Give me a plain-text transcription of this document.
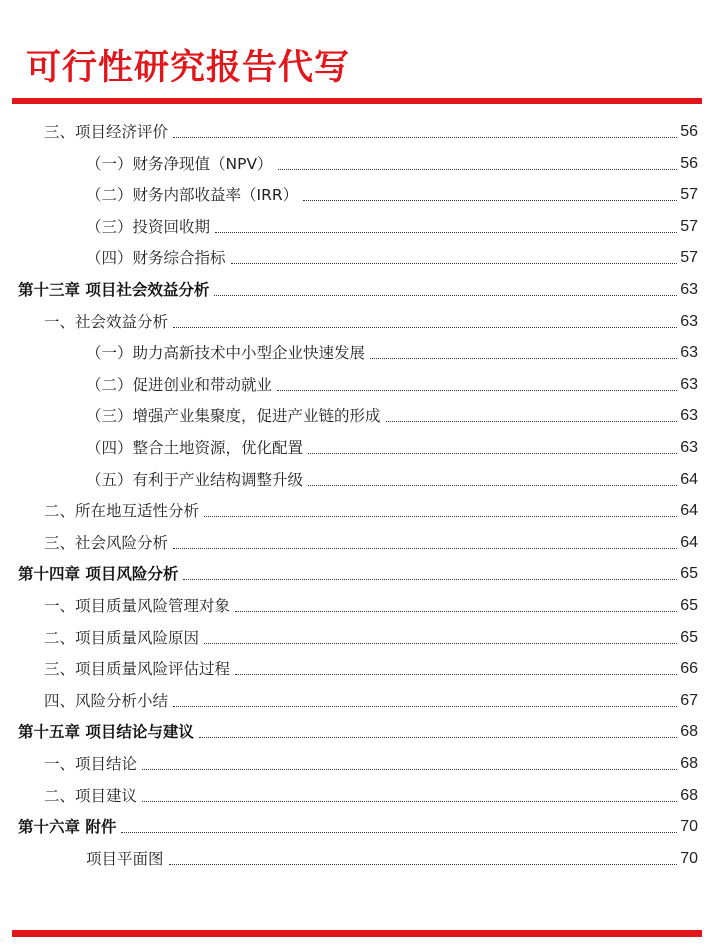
可行性研究报告代写
三、项目经济评价	56
（一）财务净现值（NPV）	56
（二）财务内部收益率（IRR）	57
（三）投资回收期	57
（四）财务综合指标	57
第十三章 项目社会效益分析	63
一、社会效益分析	63
（一）助力高新技术中小型企业快速发展	63
（二）促进创业和带动就业	63
（三）增强产业集聚度，促进产业链的形成	63
（四）整合土地资源，优化配置	63
（五）有利于产业结构调整升级	64
二、所在地互适性分析	64
三、社会风险分析	64
第十四章 项目风险分析	65
一、项目质量风险管理对象	65
二、项目质量风险原因	65
三、项目质量风险评估过程	66
四、风险分析小结	67
第十五章 项目结论与建议	68
一、项目结论	68
二、项目建议	68
第十六章 附件	70
项目平面图	70
